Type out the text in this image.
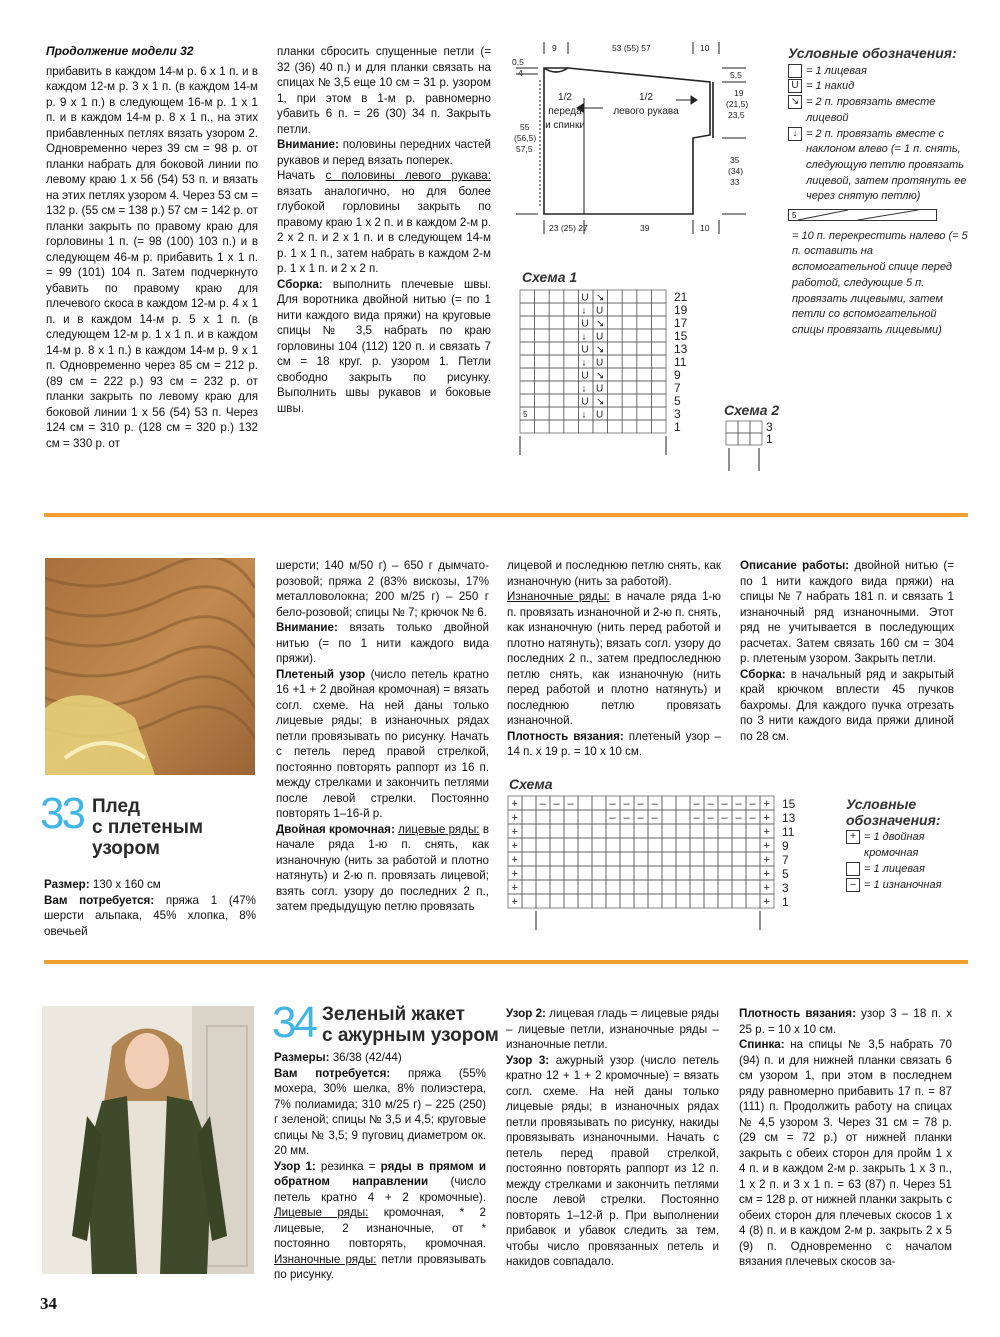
Продолжение модели 32

прибавить в каждом 14-м р. 6 х 1 п. и в каждом 12-м р. 3 х 1 п. (в каждом 14-м р. 9 х 1 п.) в следующем 16-м р. 1 х 1 п. и в каждом 14-м р. 8 х 1 п., на этих прибавленных петлях вязать узором 2. Одновременно через 39 см = 98 р. от планки набрать для боковой линии по левому краю 1 х 56 (54) 53 п. и вязать на этих петлях узором 4. Через 53 см = 132 р. (55 см = 138 р.) 57 см = 142 р. от планки закрыть по правому краю для горловины 1 п. (= 98 (100) 103 п.) и в следующем 46-м р. прибавить 1 х 1 п. = 99 (101) 104 п. Затем подчеркнуто убавить по правому краю для плечевого скоса в каждом 12-м р. 4 х 1 п. и в каждом 14-м р. 5 х 1 п. (в следующем 12-м р. 1 х 1 п. и в каждом 14-м р. 8 х 1 п.) в каждом 14-м р. 9 х 1 п. Одновременно через 85 см = 212 р. (89 см = 222 р.) 93 см = 232 р. от планки закрыть по левому краю для боковой линии 1 х 56 (54) 53 п. Через 124 см = 310 р. (128 см = 320 р.) 132 см = 330 р. от

планки сбросить спущенные петли (= 32 (36) 40 п.) и для планки связать на спицах № 3,5 еще 10 см = 31 р. узором 1, при этом в 1-м р. равномерно убавить 6 п. = 26 (30) 34 п. Закрыть петли.

Внимание: половины передних частей рукавов и перед вязать поперек.

Начать с половины левого рукава: вязать аналогично, но для более глубокой горловины закрыть по правому краю 1 х 2 п. и в каждом 2-м р. 2 х 2 п. и 2 х 1 п. и в следующем 14-м р. 1 х 1 п., затем набрать в каждом 2-м р. 1 х 1 п. и 2 х 2 п.

Сборка: выполнить плечевые швы. Для воротника двойной нитью (= по 1 нити каждого вида пряжи) на круговые спицы № 3,5 набрать по краю горловины 104 (112) 120 п. и связать 7 см = 18 круг. р. узором 1. Петли свободно закрыть по рисунку. Выполнить швы рукавов и боковые швы.

9	53 (55) 57	10
0,5
4
55
(56,5)
57,5
5,5
19
(21,5)
23,5
35
(34)
33
23 (25) 27	39	10
1/2
переда
и спинки
1/2
левого рукава
Схема 1
21
U ↘
19
↓ U
17
U ↘
15
↓ U
13
U ↘
11
↓ U
9
U ↘
7
↓ U
5
U ↘
3
↓ U
1
5	Схема 2
3
1
Условные обозначения:
= 1 лицевая
U = 1 накид
↘ = 2 п. провязать вместе лицевой
↓ = 2 п. провязать вместе с наклоном влево (= 1 п. снять, следующую петлю провязать лицевой, затем протянуть ее через снятую петлю)
5
= 10 п. перекрестить налево (= 5 п. оставить на вспомогательной спице перед работой, следующие 5 п. провязать лицевыми, затем петли со вспомогательной спицы провязать лицевыми)
33 Плед
с плетеным
узором

Размер: 130 х 160 см

Вам потребуется: пряжа 1 (47% шерсти альпака, 45% хлопка, 8% овечьей

шерсти; 140 м/50 г) – 650 г дымчато-розовой; пряжа 2 (83% вискозы, 17% металловолокна; 200 м/25 г) – 250 г бело-розовой; спицы № 7; крючок № 6.

Внимание: вязать только двойной нитью (= по 1 нити каждого вида пряжи).

Плетеный узор (число петель кратно 16 +1 + 2 двойная кромочная) = вязать согл. схеме. На ней даны только лицевые ряды; в изнаночных рядах петли провязывать по рисунку. Начать с петель перед правой стрелкой, постоянно повторять раппорт из 16 п. между стрелками и закончить петлями после левой стрелки. Постоянно повторять 1–16-й р.

Двойная кромочная: лицевые ряды: в начале ряда 1-ю п. снять, как изнаночную (нить за работой и плотно натянуть) и 2-ю п. провязать лицевой; взять согл. узору до последних 2 п., затем предыдущую петлю провязать

лицевой и последнюю петлю снять, как изнаночную (нить за работой).

Изнаночные ряды: в начале ряда 1-ю п. провязать изнаночной и 2-ю п. снять, как изнаночную (нить перед работой и плотно натянуть); вязать согл. узору до последних 2 п., затем предпоследнюю петлю снять, как изнаночную (нить перед работой и плотно натянуть) и последнюю петлю провязать изнаночной.

Плотность вязания: плетеный узор – 14 п. х 19 р. = 10 х 10 см.

Описание работы: двойной нитью (= по 1 нити каждого вида пряжи) на спицы № 7 набрать 181 п. и связать 1 изнаночный ряд изнаночными. Этот ряд не учитывается в последующих расчетах. Затем связать 160 см = 304 р. плетеным узором. Закрыть петли.

Сборка: в начальный ряд и закрытый край крючком вплести 45 пучков бахромы. Для каждого пучка отрезать по 3 нити каждого вида пряжи длиной по 28 см.

Схема
+ – – –	– – – –	– – – – – + 15
+	– – – –	– – – – – + 13
+	+ 11
+	+ 9
+	+ 7
+	+ 5
+	+ 3
+	+ 1
Условные
обозначения:
+ = 1 двойная кромочная
= 1 лицевая
– = 1 изнаночная
34 Зеленый жакет
с ажурным узором

Размеры: 36/38 (42/44)

Вам потребуется: пряжа (55% мохера, 30% шелка, 8% полиэстера, 7% полиамида; 310 м/25 г) – 225 (250) г зеленой; спицы № 3,5 и 4,5; круговые спицы № 3,5; 9 пуговиц диаметром ок. 20 мм.

Узор 1: резинка = ряды в прямом и обратном направлении (число петель кратно 4 + 2 кромочные). Лицевые ряды: кромочная, * 2 лицевые, 2 изнаночные, от * постоянно повторять, кромочная. Изнаночные ряды: петли провязывать по рисунку.

Узор 2: лицевая гладь = лицевые ряды – лицевые петли, изнаночные ряды – изнаночные петли.

Узор 3: ажурный узор (число петель кратно 12 + 1 + 2 кромочные) = вязать согл. схеме. На ней даны только лицевые ряды; в изнаночных рядах петли провязывать по рисунку, накиды провязывать изнаночными. Начать с петель перед правой стрелкой, постоянно повторять раппорт из 12 п. между стрелками и закончить петлями после левой стрелки. Постоянно повторять 1–12-й р. При выполнении прибавок и убавок следить за тем, чтобы число провязанных петель и накидов совпадало.

Плотность вязания: узор 3 – 18 п. х 25 р. = 10 х 10 см.

Спинка: на спицы № 3,5 набрать 70 (94) п. и для нижней планки связать 6 см узором 1, при этом в последнем ряду равномерно прибавить 17 п. = 87 (111) п. Продолжить работу на спицах № 4,5 узором 3. Через 31 см = 78 р. (29 см = 72 р.) от нижней планки закрыть с обеих сторон для пройм 1 х 4 п. и в каждом 2-м р. закрыть 1 х 3 п., 1 х 2 п. и 3 х 1 п. = 63 (87) п. Через 51 см = 128 р. от нижней планки закрыть с обеих сторон для плечевых скосов 1 х 4 (8) п. и в каждом 2-м р. закрыть 2 х 5 (9) п. Одновременно с началом вязания плечевых скосов за-

34
